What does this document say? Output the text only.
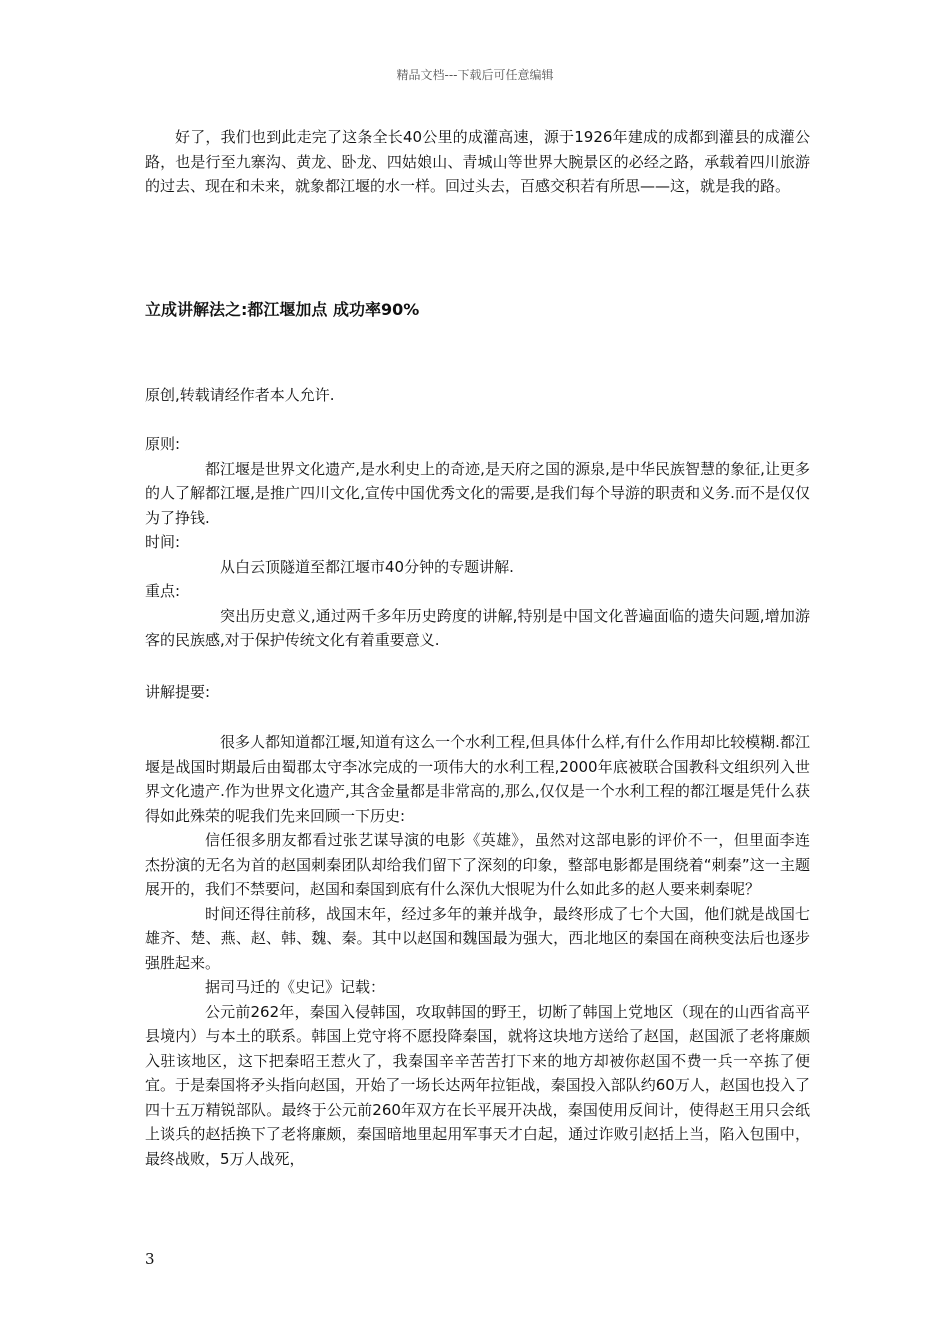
精品文档---下载后可任意编辑

好了，我们也到此走完了这条全长40公里的成灌高速，源于1926年建成的成都到灌县的成灌公路，也是行至九寨沟、黄龙、卧龙、四姑娘山、青城山等世界大腕景区的必经之路，承载着四川旅游的过去、现在和未来，就象都江堰的水一样。回过头去，百感交积若有所思——这，就是我的路。

立成讲解法之:都江堰加点 成功率90%
原创,转载请经作者本人允许.

原则:

都江堰是世界文化遗产,是水利史上的奇迹,是天府之国的源泉,是中华民族智慧的象征,让更多的人了解都江堰,是推广四川文化,宣传中国优秀文化的需要,是我们每个导游的职责和义务.而不是仅仅为了挣钱.

时间:

从白云顶隧道至都江堰市40分钟的专题讲解.

重点:

突出历史意义,通过两千多年历史跨度的讲解,特别是中国文化普遍面临的遗失问题,增加游客的民族感,对于保护传统文化有着重要意义.

讲解提要:

很多人都知道都江堰,知道有这么一个水利工程,但具体什么样,有什么作用却比较模糊.都江堰是战国时期最后由蜀郡太守李冰完成的一项伟大的水利工程,2000年底被联合国教科文组织列入世界文化遗产.作为世界文化遗产,其含金量都是非常高的,那么,仅仅是一个水利工程的都江堰是凭什么获得如此殊荣的呢我们先来回顾一下历史:

信任很多朋友都看过张艺谋导演的电影《英雄》，虽然对这部电影的评价不一，但里面李连杰扮演的无名为首的赵国刺秦团队却给我们留下了深刻的印象，整部电影都是围绕着“刺秦”这一主题展开的，我们不禁要问，赵国和秦国到底有什么深仇大恨呢为什么如此多的赵人要来刺秦呢？

时间还得往前移，战国末年，经过多年的兼并战争，最终形成了七个大国，他们就是战国七雄齐、楚、燕、赵、韩、魏、秦。其中以赵国和魏国最为强大，西北地区的秦国在商秧变法后也逐步强胜起来。

据司马迁的《史记》记载：

公元前262年，秦国入侵韩国，攻取韩国的野王，切断了韩国上党地区（现在的山西省高平县境内）与本土的联系。韩国上党守将不愿投降秦国，就将这块地方送给了赵国，赵国派了老将廉颇入驻该地区，这下把秦昭王惹火了，我秦国辛辛苦苦打下来的地方却被你赵国不费一兵一卒拣了便宜。于是秦国将矛头指向赵国，开始了一场长达两年拉钜战，秦国投入部队约60万人，赵国也投入了四十五万精锐部队。最终于公元前260年双方在长平展开决战，秦国使用反间计，使得赵王用只会纸上谈兵的赵括换下了老将廉颇，秦国暗地里起用军事天才白起，通过诈败引赵括上当，陷入包围中，最终战败，5万人战死，

3
